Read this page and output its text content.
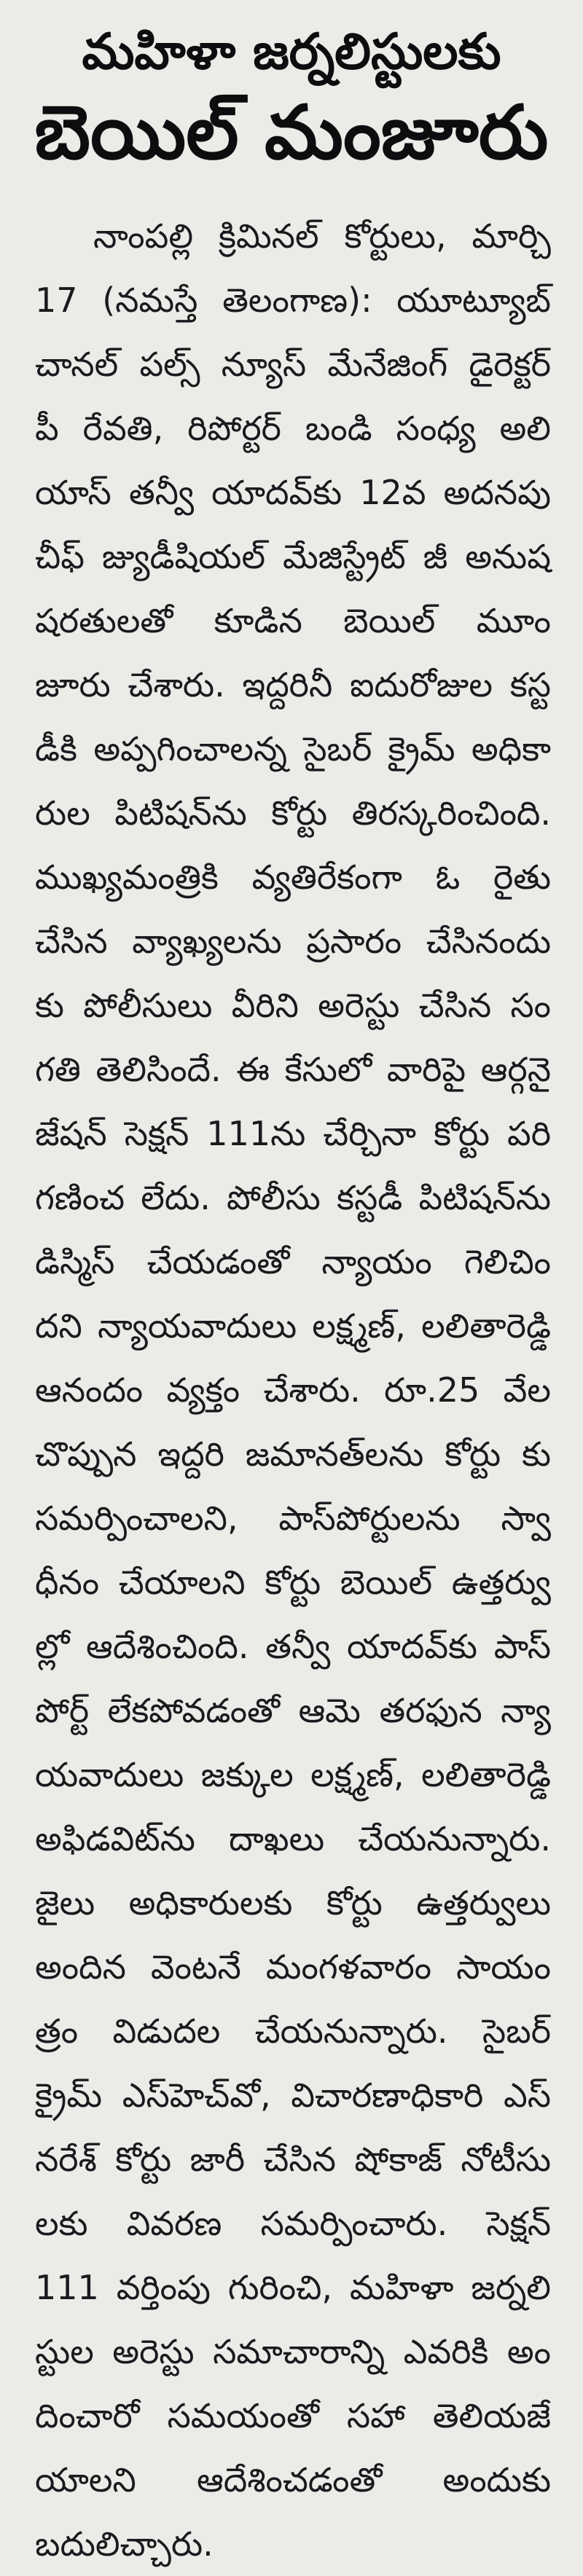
మహిళా జర్నలిస్టులకు
బెయిల్ మంజూరు
నాంపల్లి క్రిమినల్ కోర్టులు, మార్చి
17 (నమస్తే తెలంగాణ): యూట్యూబ్
చానల్ పల్స్ న్యూస్ మేనేజింగ్ డైరెక్టర్
పీ రేవతి, రిపోర్టర్ బండి సంధ్య అలి
యాస్ తన్వీ యాదవ్‌కు 12వ అదనపు
చీఫ్ జ్యుడీషియల్ మేజిస్ట్రేట్ జీ అనుష
షరతులతో కూడిన బెయిల్ మూం
జూరు చేశారు. ఇద్దరినీ ఐదురోజుల కస్ట
డీకి అప్పగించాలన్న సైబర్ క్రైమ్ అధికా
రుల పిటిషన్‌ను కోర్టు తిరస్కరించింది.
ముఖ్యమంత్రికి వ్యతిరేకంగా ఓ రైతు
చేసిన వ్యాఖ్యలను ప్రసారం చేసినందు
కు పోలీసులు వీరిని అరెస్టు చేసిన సం
గతి తెలిసిందే. ఈ కేసులో వారిపై ఆర్గనై
జేషన్ సెక్షన్ 111ను చేర్చినా కోర్టు పరి
గణించ లేదు. పోలీసు కస్టడీ పిటిషన్‌ను
డిస్మిస్ చేయడంతో న్యాయం గెలిచిం
దని న్యాయవాదులు లక్ష్మణ్, లలితారెడ్డి
ఆనందం వ్యక్తం చేశారు. రూ.25 వేల
చొప్పున ఇద్దరి జమానత్‌లను కోర్టు కు
సమర్పించాలని, పాస్‌పోర్టులను స్వా
ధీనం చేయాలని కోర్టు బెయిల్ ఉత్తర్వు
ల్లో ఆదేశించింది. తన్వీ యాదవ్‌కు పాస్
పోర్ట్ లేకపోవడంతో ఆమె తరఫున న్యా
యవాదులు జక్కుల లక్ష్మణ్, లలితారెడ్డి
అఫిడవిట్‌ను దాఖలు చేయనున్నారు.
జైలు అధికారులకు కోర్టు ఉత్తర్వులు
అందిన వెంటనే మంగళవారం సాయం
త్రం విడుదల చేయనున్నారు. సైబర్
క్రైమ్ ఎస్‌హెచ్‌వో, విచారణాధికారి ఎస్
నరేశ్ కోర్టు జారీ చేసిన షోకాజ్ నోటీసు
లకు వివరణ సమర్పించారు. సెక్షన్
111 వర్తింపు గురించి, మహిళా జర్నలి
స్టుల అరెస్టు సమాచారాన్ని ఎవరికి అం
దించారో సమయంతో సహా తెలియజే
యాలని ఆదేశించడంతో అందుకు
బదులిచ్చారు.
